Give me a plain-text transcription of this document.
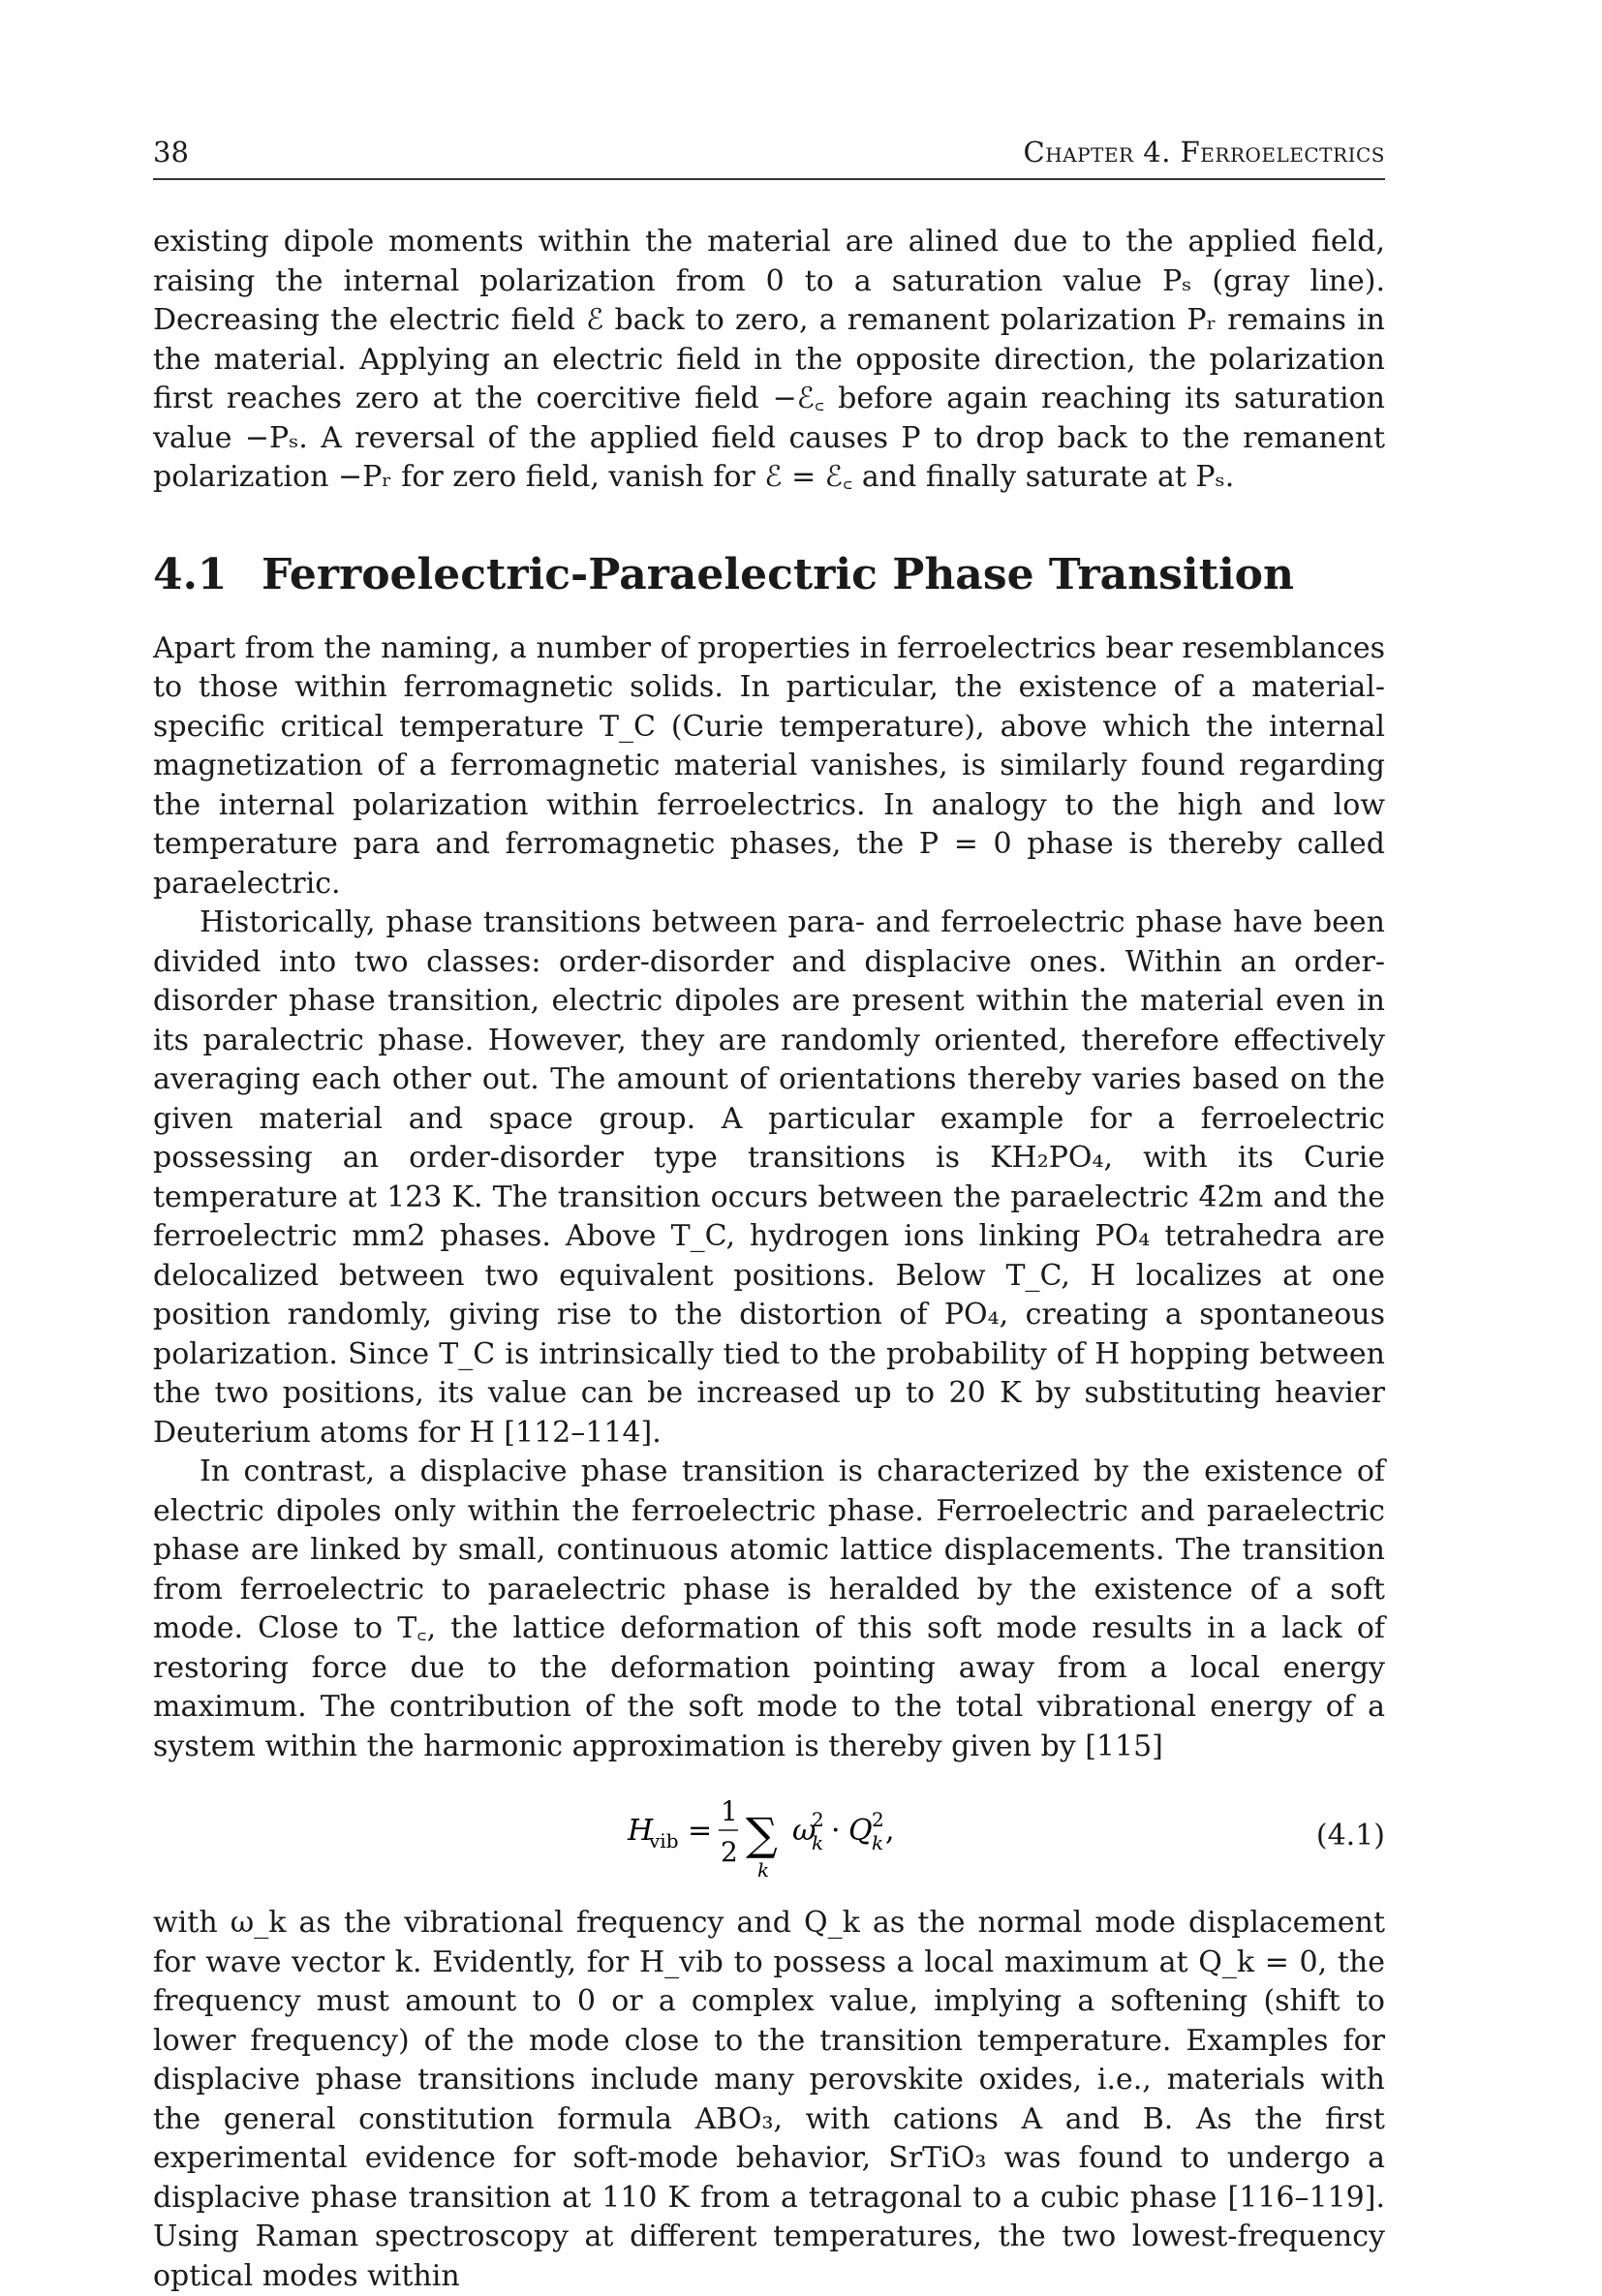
38	Chapter 4. Ferroelectrics

existing dipole moments within the material are alined due to the applied field, raising the internal polarization from 0 to a saturation value Pₛ (gray line). Decreasing the electric field ℰ back to zero, a remanent polarization Pᵣ remains in the material. Applying an electric field in the opposite direction, the polarization first reaches zero at the coercitive field −ℰ꜀ before again reaching its saturation value −Pₛ. A reversal of the applied field causes P to drop back to the remanent polarization −Pᵣ for zero field, vanish for ℰ = ℰ꜀ and finally saturate at Pₛ.

4.1 Ferroelectric-Paraelectric Phase Transition

Apart from the naming, a number of properties in ferroelectrics bear resemblances to those within ferromagnetic solids. In particular, the existence of a material-specific critical temperature T_C (Curie temperature), above which the internal magnetization of a ferromagnetic material vanishes, is similarly found regarding the internal polarization within ferroelectrics. In analogy to the high and low temperature para and ferromagnetic phases, the P = 0 phase is thereby called paraelectric.

Historically, phase transitions between para- and ferroelectric phase have been divided into two classes: order-disorder and displacive ones. Within an order-disorder phase transition, electric dipoles are present within the material even in its paralectric phase. However, they are randomly oriented, therefore effectively averaging each other out. The amount of orientations thereby varies based on the given material and space group. A particular example for a ferroelectric possessing an order-disorder type transitions is KH₂PO₄, with its Curie temperature at 123 K. The transition occurs between the paraelectric 4̄2m and the ferroelectric mm2 phases. Above T_C, hydrogen ions linking PO₄ tetrahedra are delocalized between two equivalent positions. Below T_C, H localizes at one position randomly, giving rise to the distortion of PO₄, creating a spontaneous polarization. Since T_C is intrinsically tied to the probability of H hopping between the two positions, its value can be increased up to 20 K by substituting heavier Deuterium atoms for H [112–114].

In contrast, a displacive phase transition is characterized by the existence of electric dipoles only within the ferroelectric phase. Ferroelectric and paraelectric phase are linked by small, continuous atomic lattice displacements. The transition from ferroelectric to paraelectric phase is heralded by the existence of a soft mode. Close to T꜀, the lattice deformation of this soft mode results in a lack of restoring force due to the deformation pointing away from a local energy maximum. The contribution of the soft mode to the total vibrational energy of a system within the harmonic approximation is thereby given by [115]

H
vib =
1
2 ∑
k
ω
2
k · Q 2
k ,	(4.1)

with ω_k as the vibrational frequency and Q_k as the normal mode displacement for wave vector k. Evidently, for H_vib to possess a local maximum at Q_k = 0, the frequency must amount to 0 or a complex value, implying a softening (shift to lower frequency) of the mode close to the transition temperature. Examples for displacive phase transitions include many perovskite oxides, i.e., materials with the general constitution formula ABO₃, with cations A and B. As the first experimental evidence for soft-mode behavior, SrTiO₃ was found to undergo a displacive phase transition at 110 K from a tetragonal to a cubic phase [116–119]. Using Raman spectroscopy at different temperatures, the two lowest-frequency optical modes within
